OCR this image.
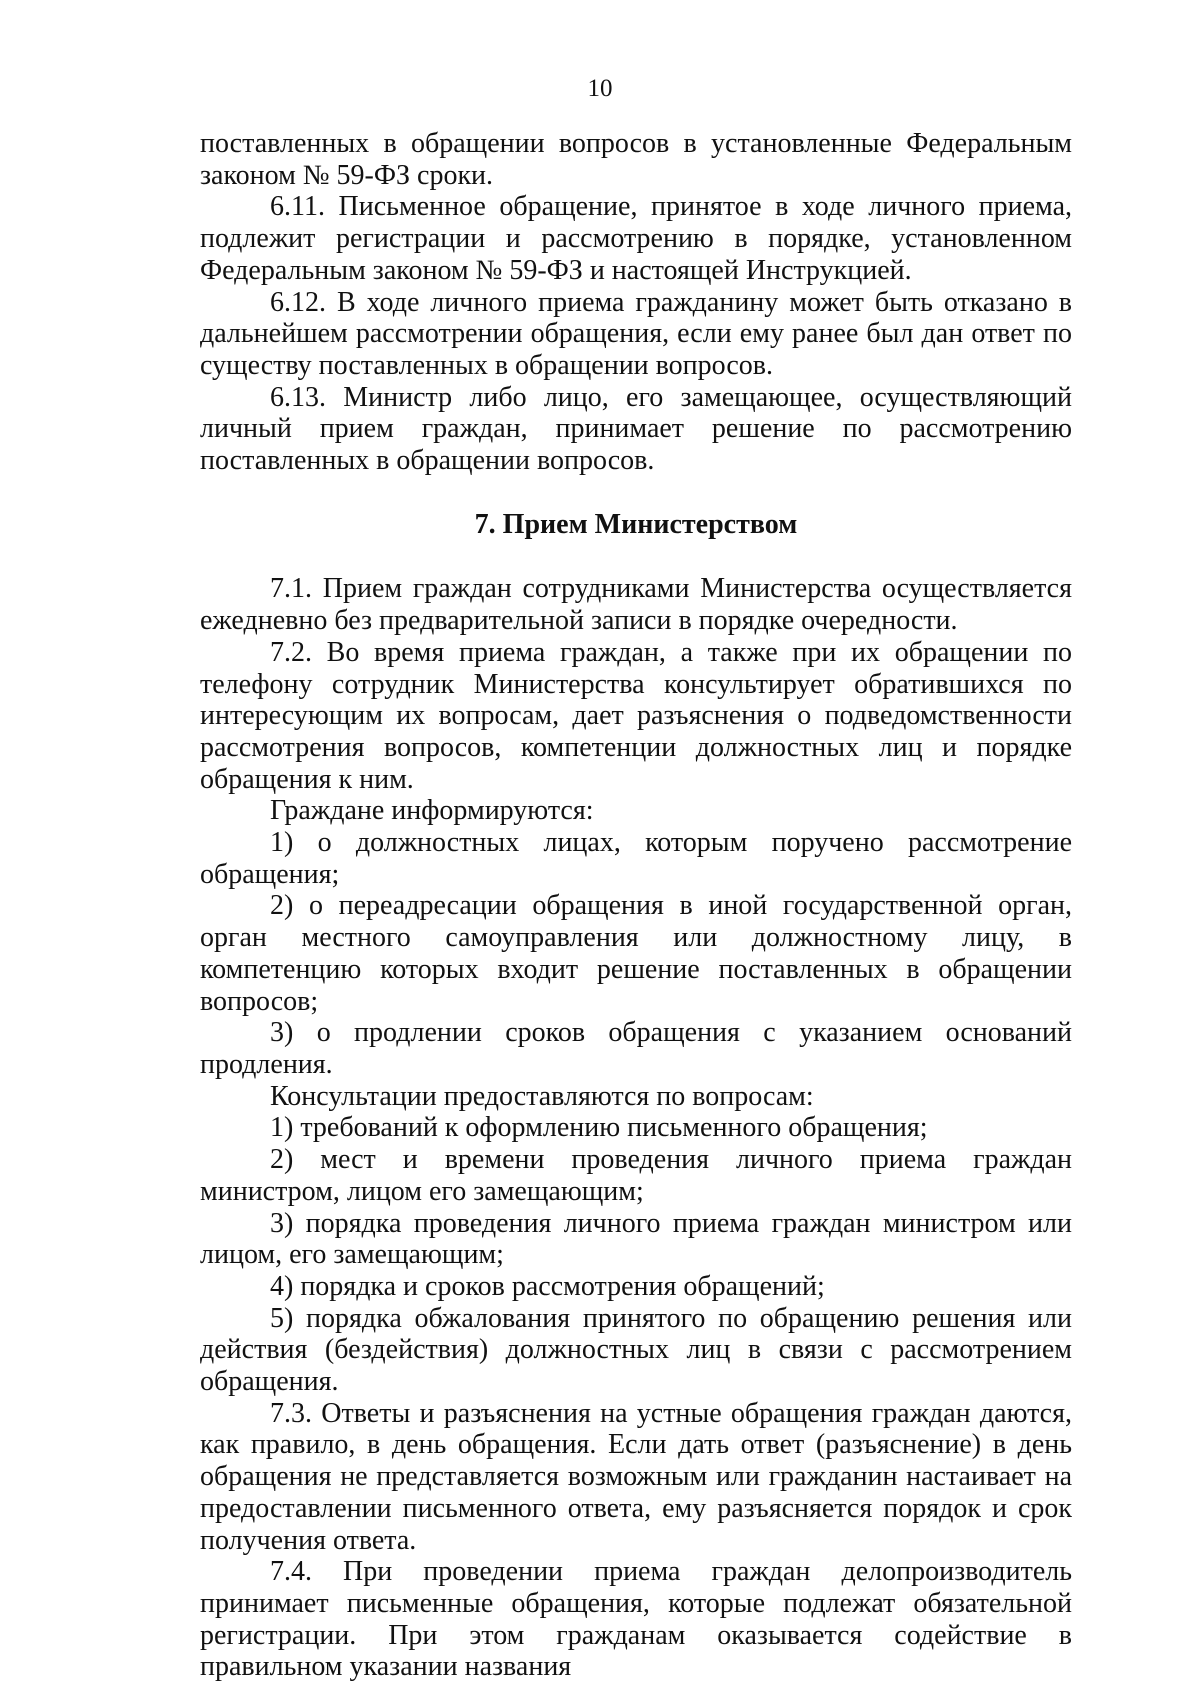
10

поставленных в обращении вопросов в установленные Федеральным законом № 59-ФЗ сроки.

6.11. Письменное обращение, принятое в ходе личного приема, подлежит регистрации и рассмотрению в порядке, установленном Федеральным законом № 59-ФЗ и настоящей Инструкцией.

6.12. В ходе личного приема гражданину может быть отказано в дальнейшем рассмотрении обращения, если ему ранее был дан ответ по существу поставленных в обращении вопросов.

6.13. Министр либо лицо, его замещающее, осуществляющий личный прием граждан, принимает решение по рассмотрению поставленных в обращении вопросов.

7. Прием Министерством

7.1. Прием граждан сотрудниками Министерства осуществляется ежедневно без предварительной записи в порядке очередности.

7.2. Во время приема граждан, а также при их обращении по телефону сотрудник Министерства консультирует обратившихся по интересующим их вопросам, дает разъяснения о подведомственности рассмотрения вопросов, компетенции должностных лиц и порядке обращения к ним.

Граждане информируются:

1) о должностных лицах, которым поручено рассмотрение обращения;

2) о переадресации обращения в иной государственной орган, орган местного самоуправления или должностному лицу, в компетенцию которых входит решение поставленных в обращении вопросов;

3) о продлении сроков обращения с указанием оснований продления.

Консультации предоставляются по вопросам:

1) требований к оформлению письменного обращения;

2) мест и времени проведения личного приема граждан министром, лицом его замещающим;

3) порядка проведения личного приема граждан министром или лицом, его замещающим;

4) порядка и сроков рассмотрения обращений;

5) порядка обжалования принятого по обращению решения или действия (бездействия) должностных лиц в связи с рассмотрением обращения.

7.3. Ответы и разъяснения на устные обращения граждан даются, как правило, в день обращения. Если дать ответ (разъяснение) в день обращения не представляется возможным или гражданин настаивает на предоставлении письменного ответа, ему разъясняется порядок и срок получения ответа.

7.4. При проведении приема граждан делопроизводитель принимает письменные обращения, которые подлежат обязательной регистрации. При этом гражданам оказывается содействие в правильном указании названия
